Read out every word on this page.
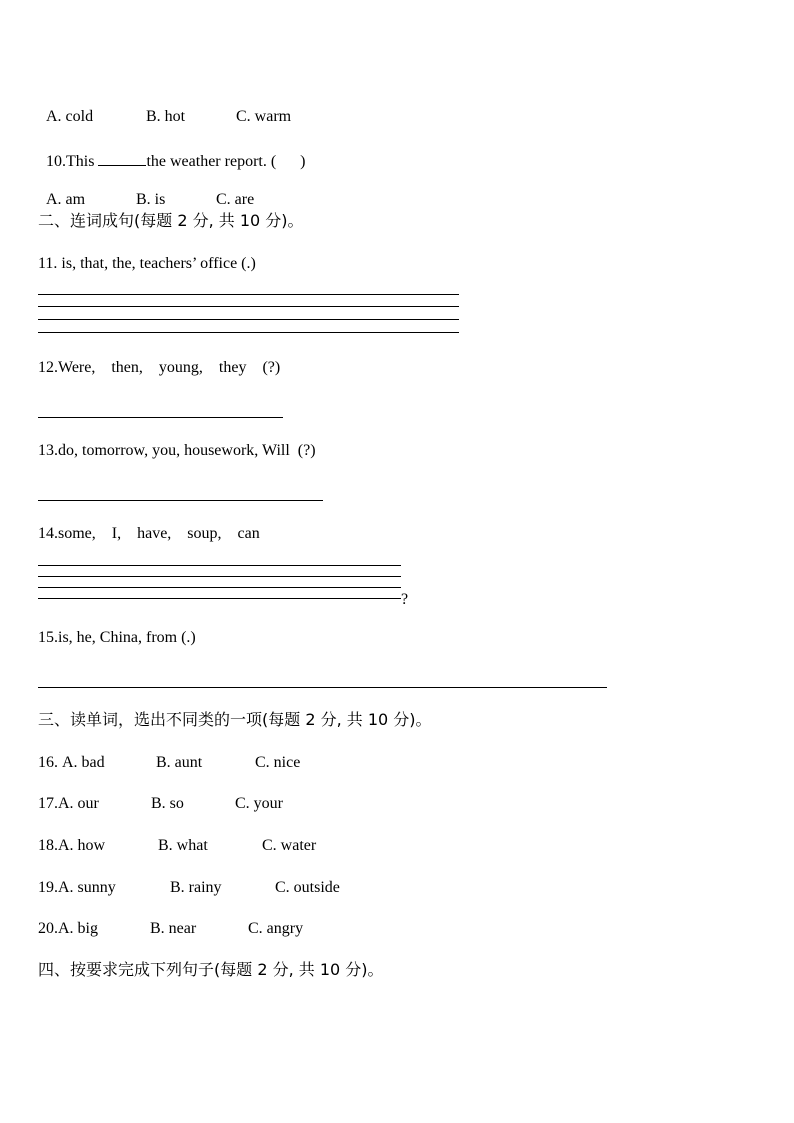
A. cold	B. hot	C. warm

10.This	the weather report. ( )

A. am	B. is	C. are

二、连词成句(每题 2 分, 共 10 分)。
11. is, that, the, teachers’ office (.)
12.Were,    then,    young,    they    (?)
13.do, tomorrow, you, housework, Will  (?)
14.some,    I,    have,    soup,    can
?
15.is, he, China, from (.)
三、读单词，选出不同类的一项(每题 2 分, 共 10 分)。
16. A. bad	B. aunt	C. nice
17.A. our	B. so	C. your
18.A. how	B. what	C. water
19.A. sunny	B. rainy	C. outside
20.A. big	B. near	C. angry
四、按要求完成下列句子(每题 2 分, 共 10 分)。
